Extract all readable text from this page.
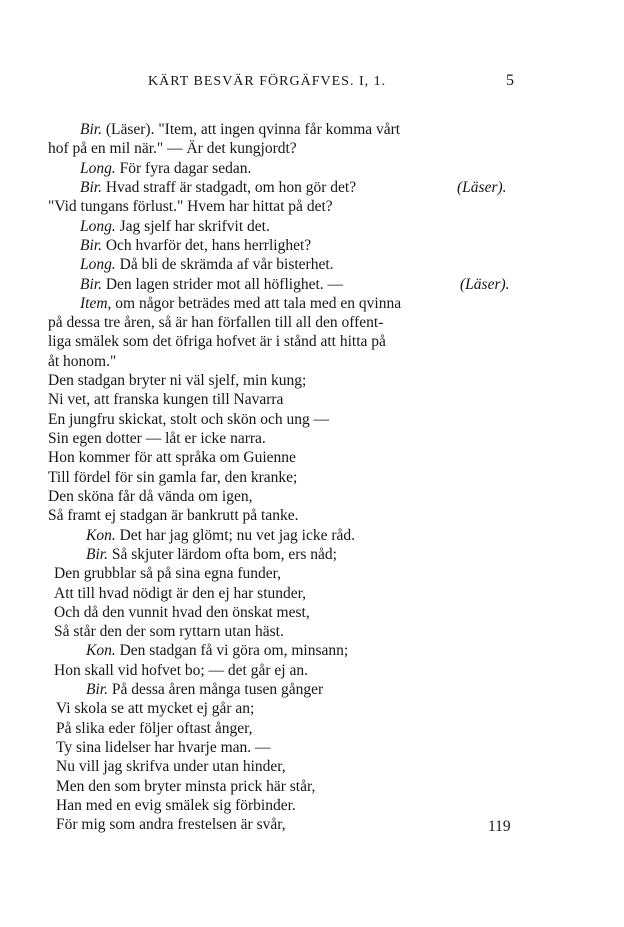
KÄRT BESVÄR FÖRGÄFVES. I, 1.	5
Bir. (Läser). "Item, att ingen qvinna får komma vårt
hof på en mil när." — Är det kungjordt?
Long. För fyra dagar sedan.
Bir. Hvad straff är stadgadt, om hon gör det?	(Läser).
"Vid tungans förlust." Hvem har hittat på det?
Long. Jag sjelf har skrifvit det.
Bir. Och hvarför det, hans herrlighet?
Long. Då bli de skrämda af vår bisterhet.
Bir. Den lagen strider mot all höflighet. —	(Läser).
Item, om någor beträdes med att tala med en qvinna
på dessa tre åren, så är han förfallen till all den offent-
liga smälek som det öfriga hofvet är i stånd att hitta på
åt honom."
Den stadgan bryter ni väl sjelf, min kung;
Ni vet, att franska kungen till Navarra
En jungfru skickat, stolt och skön och ung —
Sin egen dotter — låt er icke narra.
Hon kommer för att språka om Guienne
Till fördel för sin gamla far, den kranke;
Den sköna får då vända om igen,
Så framt ej stadgan är bankrutt på tanke.
Kon. Det har jag glömt; nu vet jag icke råd.
Bir. Så skjuter lärdom ofta bom, ers nåd;
Den grubblar så på sina egna funder,
Att till hvad nödigt är den ej har stunder,
Och då den vunnit hvad den önskat mest,
Så står den der som ryttarn utan häst.
Kon. Den stadgan få vi göra om, minsann;
Hon skall vid hofvet bo; — det går ej an.
Bir. På dessa åren många tusen gånger
Vi skola se att mycket ej går an;
På slika eder följer oftast ånger,
Ty sina lidelser har hvarje man. —
Nu vill jag skrifva under utan hinder,
Men den som bryter minsta prick här står,
Han med en evig smälek sig förbinder.
För mig som andra frestelsen är svår,	119
